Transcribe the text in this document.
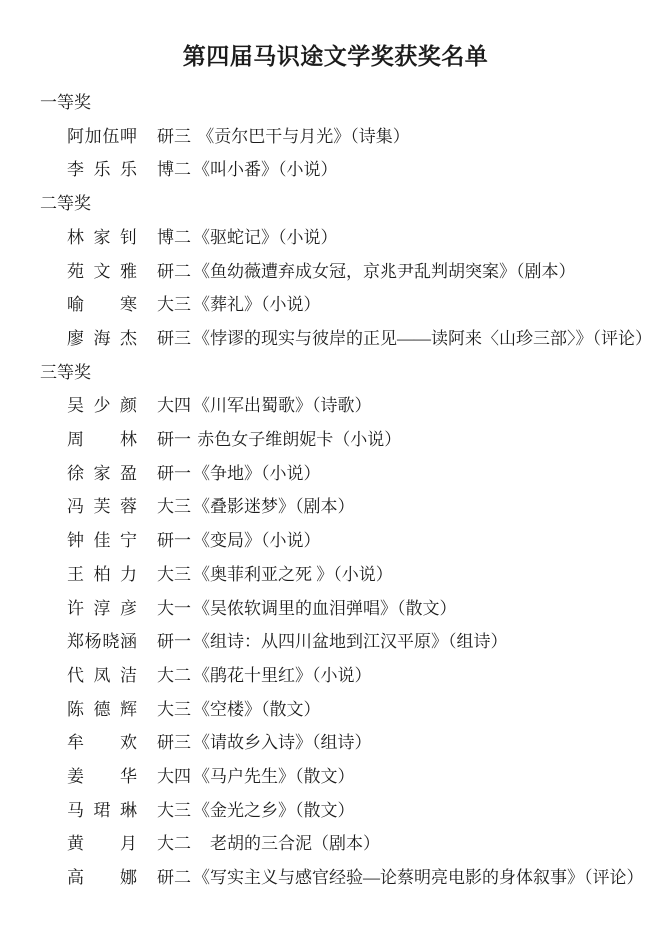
第四届马识途文学奖获奖名单
一等奖
阿加伍呷 研三 《贡尔巴干与月光》（诗集）
李乐乐 博二 《叫小番》（小说）
二等奖
林家钊 博二 《驱蛇记》（小说）
苑文雅 研二 《鱼幼薇遭弃成女冠，京兆尹乱判胡突案》（剧本）
喻　寒 大三 《葬礼》（小说）
廖海杰 研三 《悖谬的现实与彼岸的正见——读阿来〈山珍三部〉》（评论）
三等奖
吴少颜 大四 《川军出蜀歌》（诗歌）
周　林 研一 赤色女子维朗妮卡（小说）
徐家盈 研一 《争地》（小说）
冯芙蓉 大三 《叠影迷梦》（剧本）
钟佳宁 研一 《变局》（小说）
王柏力 大三 《奥菲利亚之死 》（小说）
许淳彦 大一 《吴侬软调里的血泪弹唱》（散文）
郑杨晓涵 研一 《组诗：从四川盆地到江汉平原》（组诗）
代凤洁 大二 《鹃花十里红》（小说）
陈德辉 大三 《空楼》（散文）
牟　欢 研三 《请故乡入诗》（组诗）
姜　华 大四 《马户先生》（散文）
马珺琳 大三 《金光之乡》（散文）
黄　月 大二　老胡的三合泥（剧本）
高　娜 研二 《写实主义与感官经验—论蔡明亮电影的身体叙事》（评论）
